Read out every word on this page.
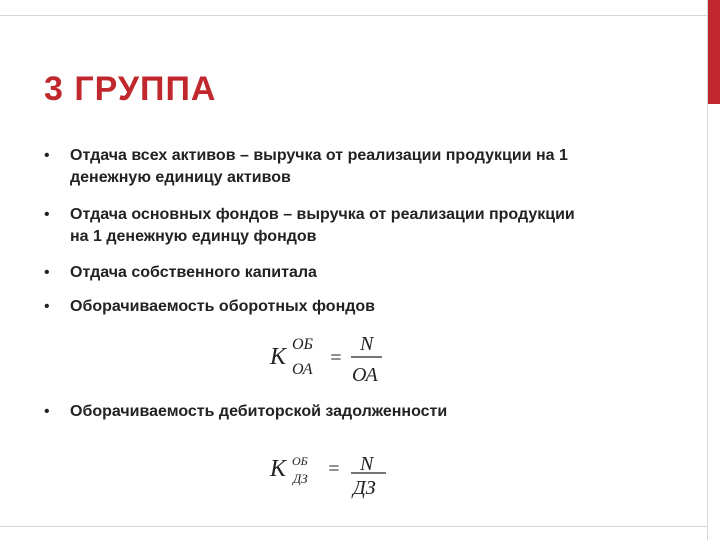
3 ГРУППА
•	Отдача всех активов – выручка от реализации продукции на 1 денежную единицу активов
•	Отдача основных фондов – выручка от реализации продукции на 1 денежную единцу фондов
•	Отдача собственного капитала
•	Оборачиваемость оборотных фондов
•	Оборачиваемость дебиторской задолженности
K ОБ
ОА
=
N
ОА
K ОБ
ДЗ = N
ДЗ
